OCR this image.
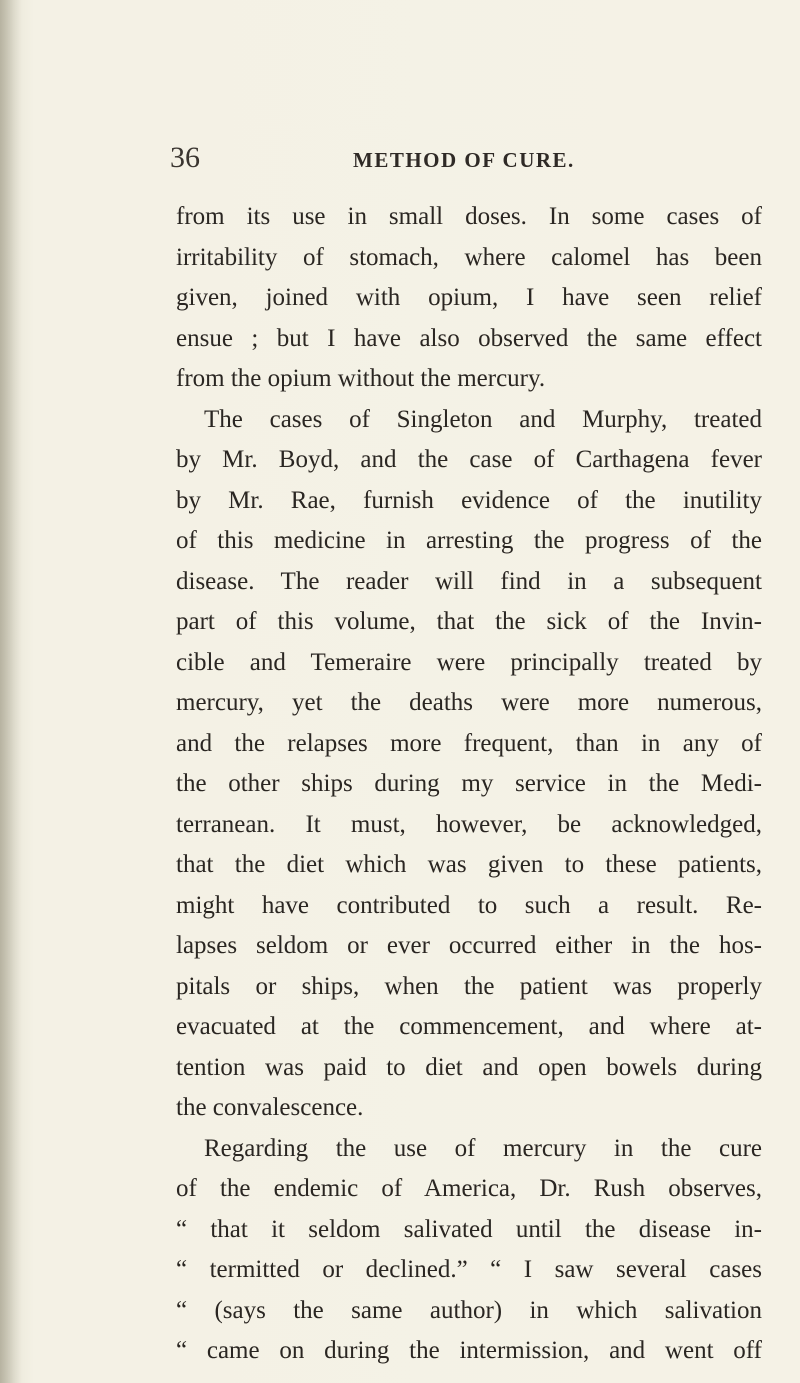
36	METHOD OF CURE.
from its use in small doses. In some cases of
irritability of stomach, where calomel has been
given, joined with opium, I have seen relief
ensue ; but I have also observed the same effect
from the opium without the mercury.
The cases of Singleton and Murphy, treated
by Mr. Boyd, and the case of Carthagena fever
by Mr. Rae, furnish evidence of the inutility
of this medicine in arresting the progress of the
disease. The reader will find in a subsequent
part of this volume, that the sick of the Invin-
cible and Temeraire were principally treated by
mercury, yet the deaths were more numerous,
and the relapses more frequent, than in any of
the other ships during my service in the Medi-
terranean. It must, however, be acknowledged,
that the diet which was given to these patients,
might have contributed to such a result. Re-
lapses seldom or ever occurred either in the hos-
pitals or ships, when the patient was properly
evacuated at the commencement, and where at-
tention was paid to diet and open bowels during
the convalescence.
Regarding the use of mercury in the cure
of the endemic of America, Dr. Rush observes,
“ that it seldom salivated until the disease in-
“ termitted or declined.” “ I saw several cases
“ (says the same author) in which salivation
“ came on during the intermission, and went off
